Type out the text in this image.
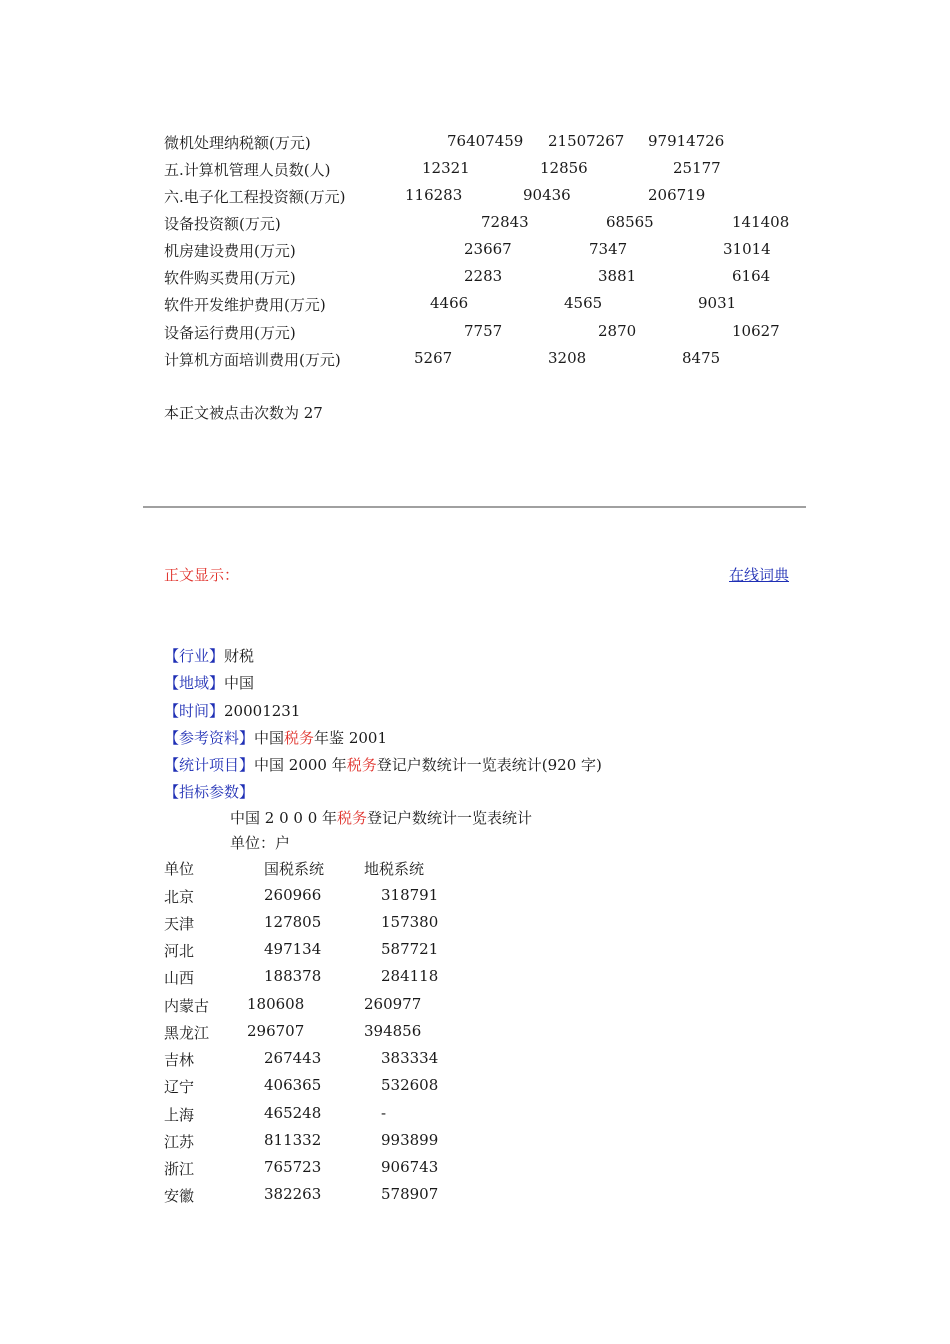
微机处理纳税额(万元)	76407459 21507267 97914726
五.计算机管理人员数(人)	12321	12856	25177
六.电子化工程投资额(万元)	116283	90436	206719
设备投资额(万元)	72843	68565	141408
机房建设费用(万元)	23667	7347	31014
软件购买费用(万元)	2283	3881	6164
软件开发维护费用(万元)	4466	4565	9031
设备运行费用(万元)	7757	2870	10627
计算机方面培训费用(万元)	5267	3208	8475
本正文被点击次数为 27
正文显示：	在线词典
【行业】财税
【地域】中国
【时间】20001231
【参考资料】中国税务年鉴 2001
【统计项目】中国 2000 年税务登记户数统计一览表统计(920 字)
【指标参数】
中国 2 0 0 0 年税务登记户数统计一览表统计
单位：户
单位	国税系统	地税系统
北京	260966	318791
天津	127805	157380
河北	497134	587721
山西	188378	284118
内蒙古	180608	260977
黑龙江	296707	394856
吉林	267443	383334
辽宁	406365	532608
上海	465248	-
江苏	811332	993899
浙江	765723	906743
安徽	382263	578907
